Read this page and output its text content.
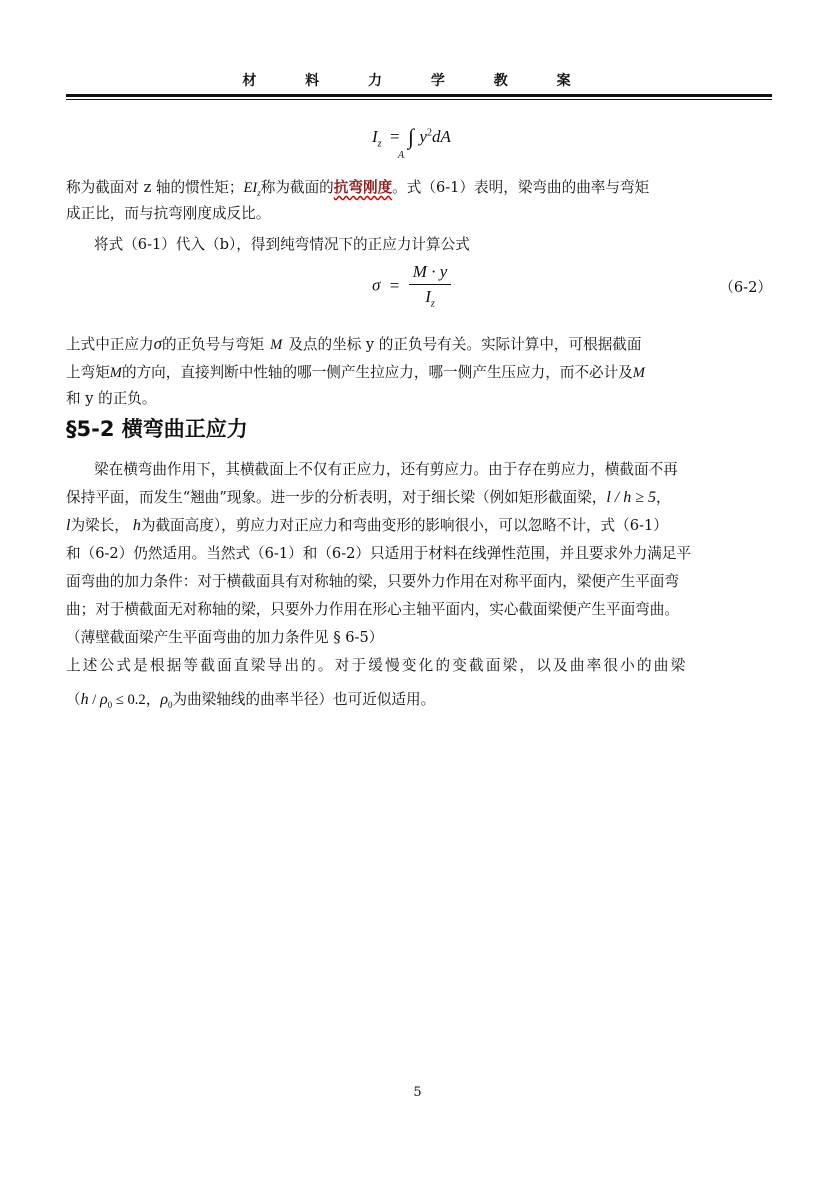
材 料 力 学 教 案
$I_z$ = ∫ $y^2dA$
A
称为截面对 z 轴的惯性矩；$EI_z$称为截面的抗弯刚度。式（6-1）表明，梁弯曲的曲率与弯矩
成正比，而与抗弯刚度成反比。
将式（6-1）代入（b），得到纯弯情况下的正应力计算公式
$\sigma = \frac{M \cdot y}{I_z}$	（6-2）
上式中正应力σ的正负号与弯矩 M 及点的坐标 y 的正负号有关。实际计算中，可根据截面
上弯矩M的方向，直接判断中性轴的哪一侧产生拉应力，哪一侧产生压应力，而不必计及M
和 y 的正负。
§5-2 横弯曲正应力
梁在横弯曲作用下，其横截面上不仅有正应力，还有剪应力。由于存在剪应力，横截面不再
保持平面，而发生“翘曲”现象。进一步的分析表明，对于细长梁（例如矩形截面梁，l / h ≥ 5，
l为梁长， h为截面高度），剪应力对正应力和弯曲变形的影响很小，可以忽略不计，式（6-1）
和（6-2）仍然适用。当然式（6-1）和（6-2）只适用于材料在线弹性范围，并且要求外力满足平
面弯曲的加力条件：对于横截面具有对称轴的梁，只要外力作用在对称平面内，梁便产生平面弯
曲；对于横截面无对称轴的梁，只要外力作用在形心主轴平面内，实心截面梁便产生平面弯曲。
（薄壁截面梁产生平面弯曲的加力条件见 § 6-5）
上述公式是根据等截面直梁导出的。对于缓慢变化的变截面梁，以及曲率很小的曲梁
（$h / \rho_0 \le 0.2$，$\rho_0$为曲梁轴线的曲率半径）也可近似适用。
5
